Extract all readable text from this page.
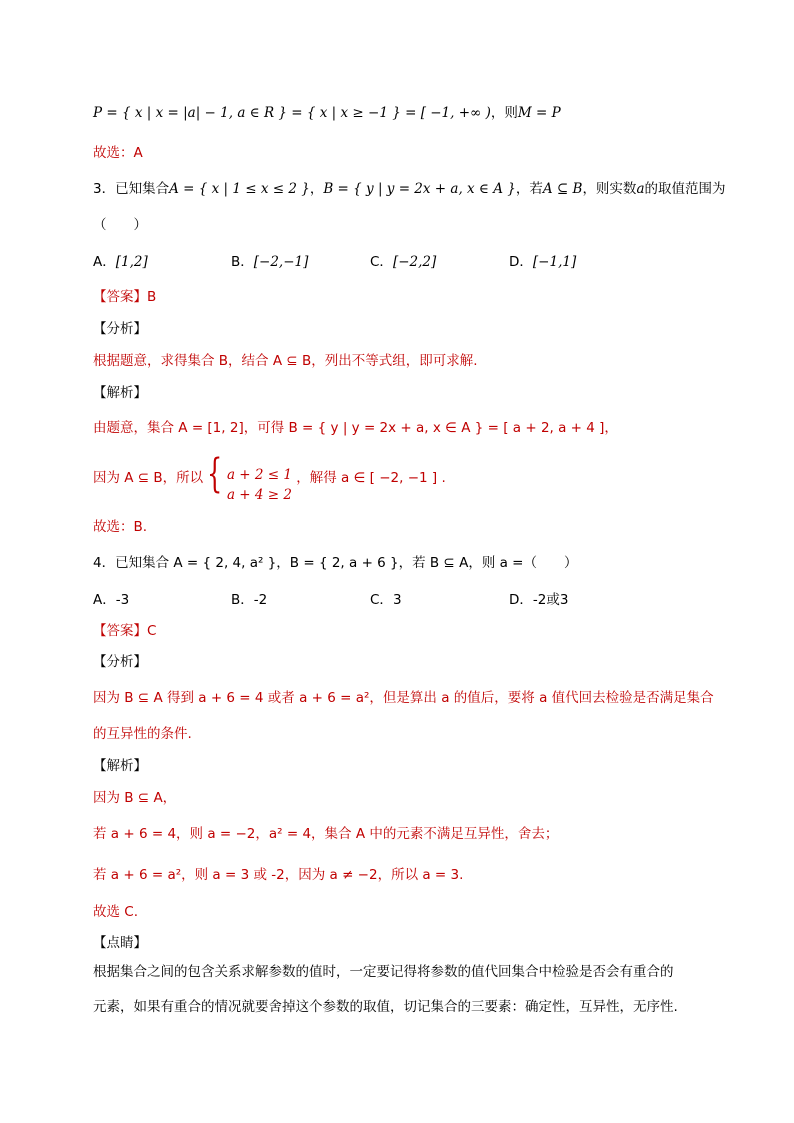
P = { x | x = |a| − 1, a ∈ R } = { x | x ≥ −1 } = [ −1, +∞ )，则M = P
故选：A
3．已知集合A = { x | 1 ≤ x ≤ 2 }，B = { y | y = 2x + a, x ∈ A }，若A ⊆ B，则实数a的取值范围为
（　　）
A．[1,2]	B．[−2,−1]	C．[−2,2]	D．[−1,1]
【答案】B
【分析】
根据题意，求得集合 B，结合 A ⊆ B，列出不等式组，即可求解.
【解析】
由题意，集合 A = [1, 2]，可得 B = { y | y = 2x + a, x ∈ A } = [ a + 2, a + 4 ]，
因为 A ⊆ B，所以 { a + 2 ≤ 1
a + 4 ≥ 2
，解得 a ∈ [ −2, −1 ] .
故选：B.
4．已知集合 A = { 2, 4, a² }，B = { 2, a + 6 }，若 B ⊆ A，则 a =（　　）
A．-3	B．-2	C．3	D．-2或3
【答案】C
【分析】
因为 B ⊆ A 得到 a + 6 = 4 或者 a + 6 = a²，但是算出 a 的值后，要将 a 值代回去检验是否满足集合
的互异性的条件.
【解析】
因为 B ⊆ A，
若 a + 6 = 4，则 a = −2，a² = 4，集合 A 中的元素不满足互异性，舍去；
若 a + 6 = a²，则 a = 3 或 -2，因为 a ≠ −2，所以 a = 3.
故选 C.
【点睛】
根据集合之间的包含关系求解参数的值时，一定要记得将参数的值代回集合中检验是否会有重合的
元素，如果有重合的情况就要舍掉这个参数的取值，切记集合的三要素：确定性，互异性，无序性.
